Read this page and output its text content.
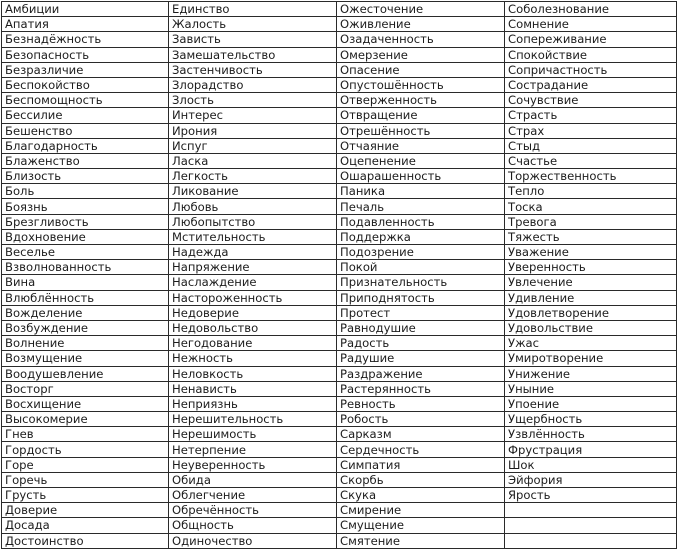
Амбиции	Единство	Ожесточение	Соболезнование
Апатия	Жалость	Оживление	Сомнение
Безнадёжность	Зависть	Озадаченность	Сопереживание
Безопасность	Замешательство	Омерзение	Спокойствие
Безразличие	Застенчивость	Опасение	Сопричастность
Беспокойство	Злорадство	Опустошённость	Сострадание
Беспомощность	Злость	Отверженность	Сочувствие
Бессилие	Интерес	Отвращение	Страсть
Бешенство	Ирония	Отрешённость	Страх
Благодарность	Испуг	Отчаяние	Стыд
Блаженство	Ласка	Оцепенение	Счастье
Близость	Легкость	Ошарашенность	Торжественность
Боль	Ликование	Паника	Тепло
Боязнь	Любовь	Печаль	Тоска
Брезгливость	Любопытство	Подавленность	Тревога
Вдохновение	Мстительность	Поддержка	Тяжесть
Веселье	Надежда	Подозрение	Уважение
Взволнованность	Напряжение	Покой	Уверенность
Вина	Наслаждение	Признательность	Увлечение
Влюблённость	Настороженность	Приподнятость	Удивление
Вожделение	Недоверие	Протест	Удовлетворение
Возбуждение	Недовольство	Равнодушие	Удовольствие
Волнение	Негодование	Радость	Ужас
Возмущение	Нежность	Радушие	Умиротворение
Воодушевление	Неловкость	Раздражение	Унижение
Восторг	Ненависть	Растерянность	Уныние
Восхищение	Неприязнь	Ревность	Упоение
Высокомерие	Нерешительность	Робость	Ущербность
Гнев	Нерешимость	Сарказм	Узвлённость
Гордость	Нетерпение	Сердечность	Фрустрация
Горе	Неуверенность	Симпатия	Шок
Горечь	Обида	Скорбь	Эйфория
Грусть	Облегчение	Скука	Ярость
Доверие	Обречённость	Смирение	
Досада	Общность	Смущение	
Достоинство	Одиночество	Смятение	
